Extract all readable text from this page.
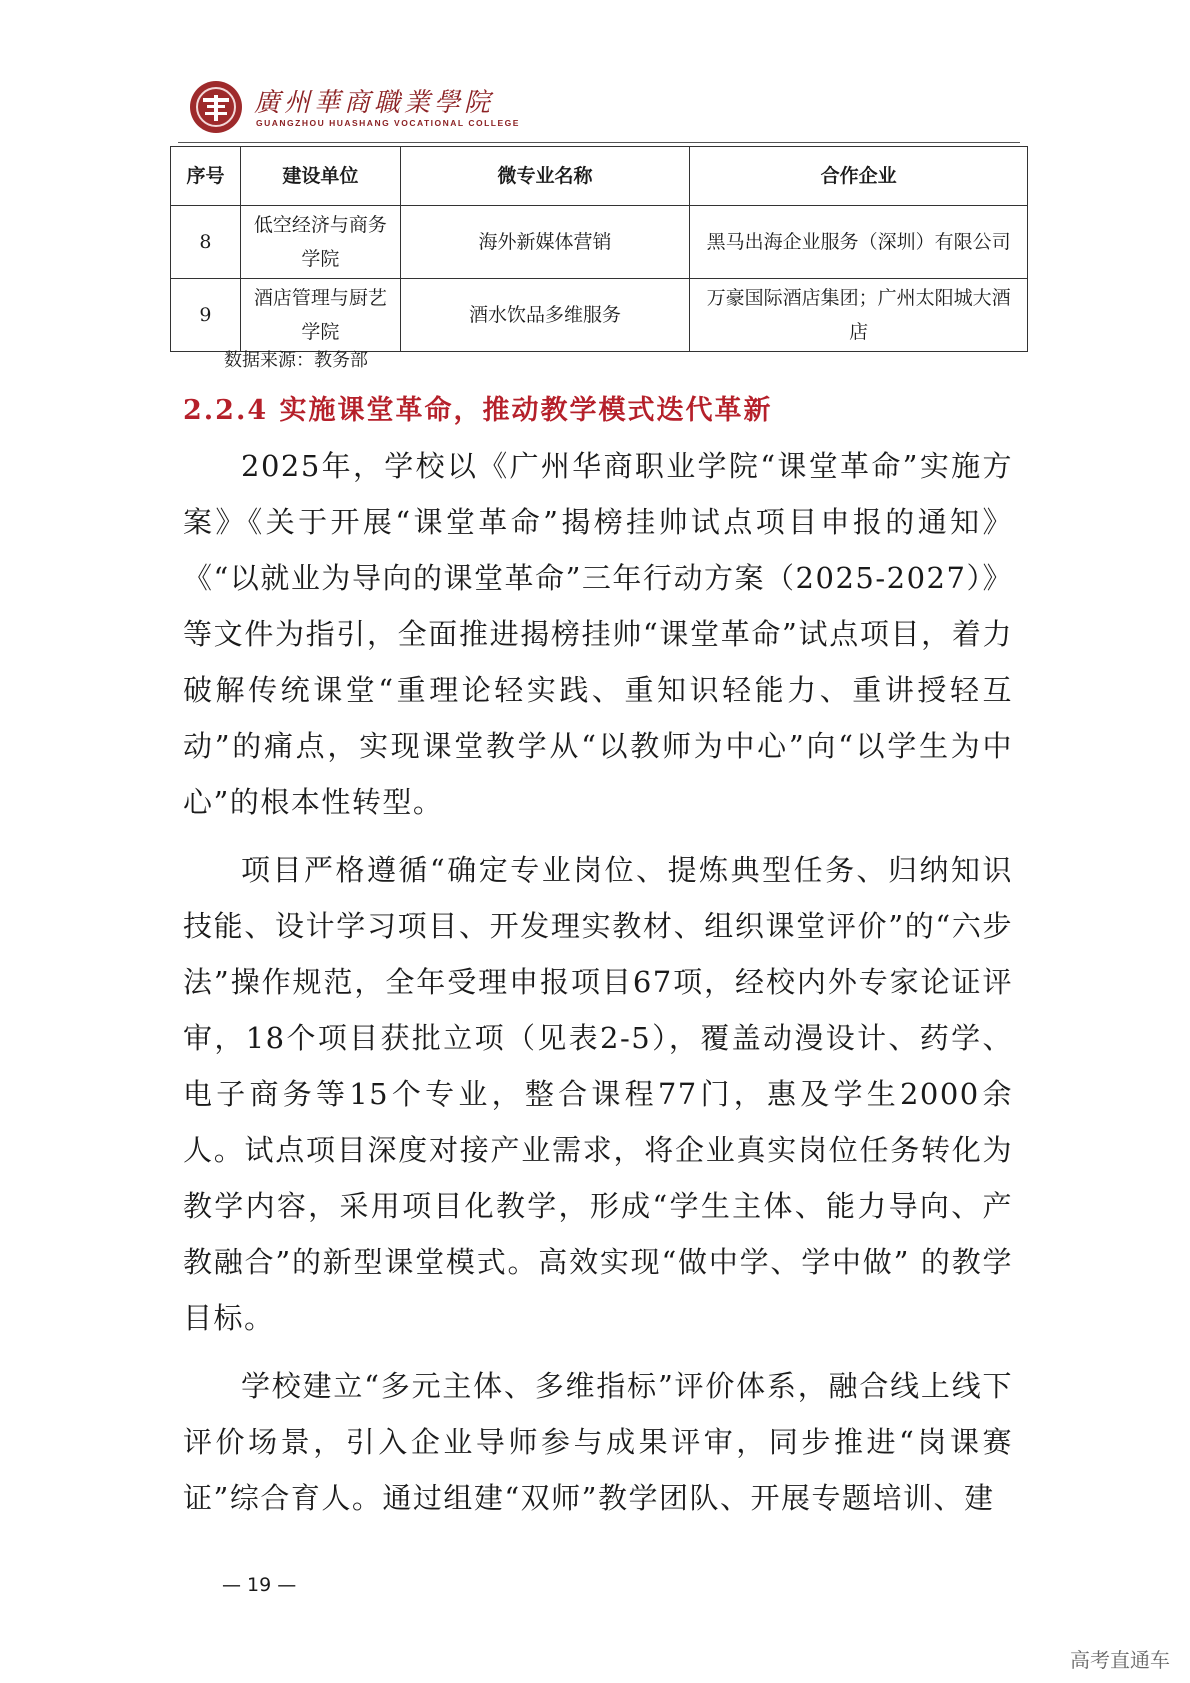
廣州華商職業學院
GUANGZHOU HUASHANG VOCATIONAL COLLEGE
序号	建设单位	微专业名称	合作企业
8	低空经济与商务学院	海外新媒体营销	黑马出海企业服务（深圳）有限公司
9	酒店管理与厨艺学院	酒水饮品多维服务	万豪国际酒店集团；广州太阳城大酒店
数据来源：教务部
2.2.4 实施课堂革命，推动教学模式迭代革新

2025年，学校以《广州华商职业学院“课堂革命”实施方案》《关于开展“课堂革命”揭榜挂帅试点项目申报的通知》《“以就业为导向的课堂革命”三年行动方案（2025-2027）》等文件为指引，全面推进揭榜挂帅“课堂革命”试点项目，着力破解传统课堂“重理论轻实践、重知识轻能力、重讲授轻互动”的痛点，实现课堂教学从“以教师为中心”向“以学生为中心”的根本性转型。

项目严格遵循“确定专业岗位、提炼典型任务、归纳知识技能、设计学习项目、开发理实教材、组织课堂评价”的“六步法”操作规范，全年受理申报项目67项，经校内外专家论证评审，18个项目获批立项（见表2-5），覆盖动漫设计、药学、电子商务等15个专业，整合课程77门，惠及学生2000余人。试点项目深度对接产业需求，将企业真实岗位任务转化为教学内容，采用项目化教学，形成“学生主体、能力导向、产教融合”的新型课堂模式。高效实现“做中学、学中做” 的教学目标。

学校建立“多元主体、多维指标”评价体系，融合线上线下评价场景，引入企业导师参与成果评审，同步推进“岗课赛证”综合育人。通过组建“双师”教学团队、开展专题培训、建

— 19 —
高考直通车
